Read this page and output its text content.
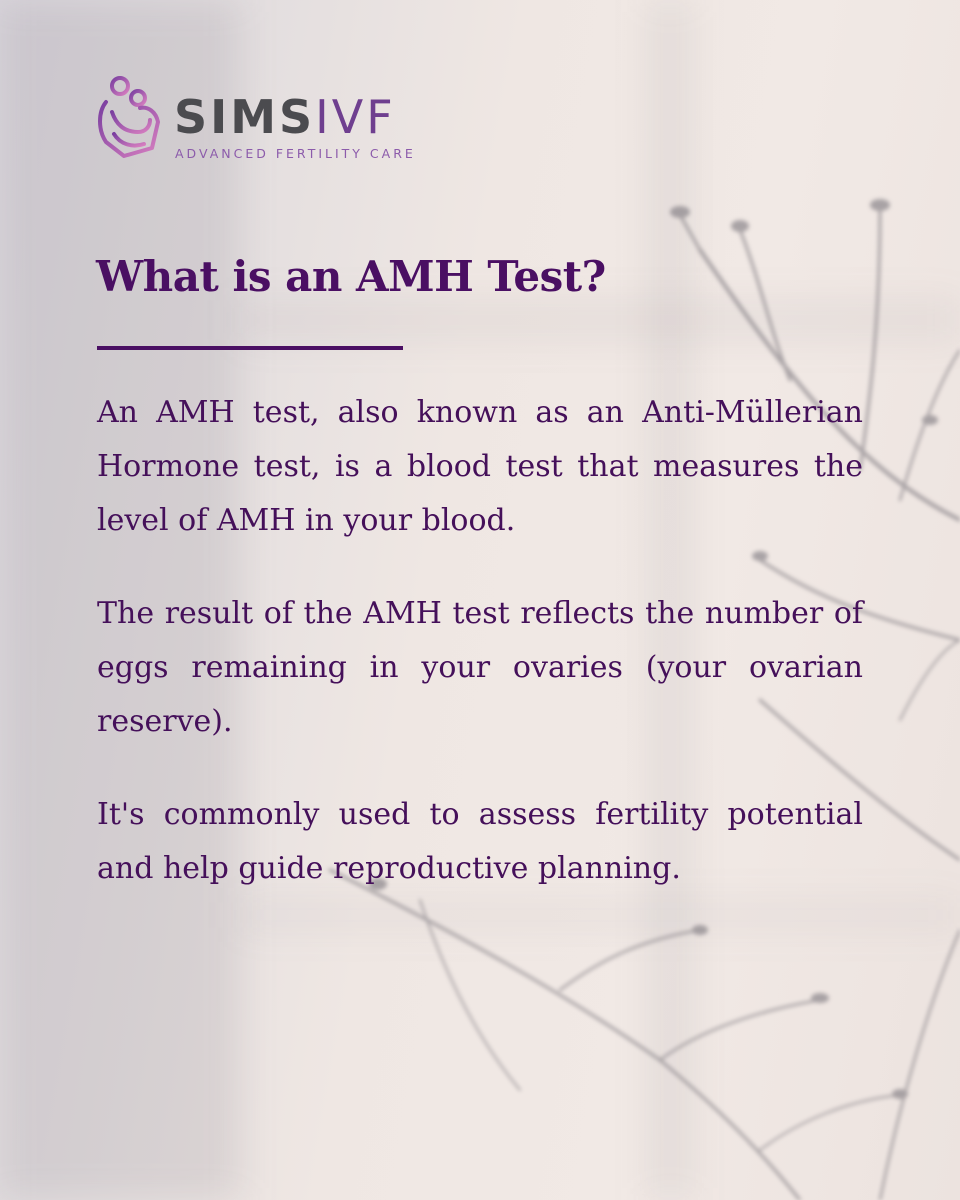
SIMSIVF
ADVANCED FERTILITY CARE
What is an AMH Test?

An AMH test, also known as an Anti-Müllerian Hormone test, is a blood test that measures the level of AMH in your blood.

The result of the AMH test reflects the number of eggs remaining in your ovaries (your ovarian reserve).

It's commonly used to assess fertility potential and help guide reproductive planning.
